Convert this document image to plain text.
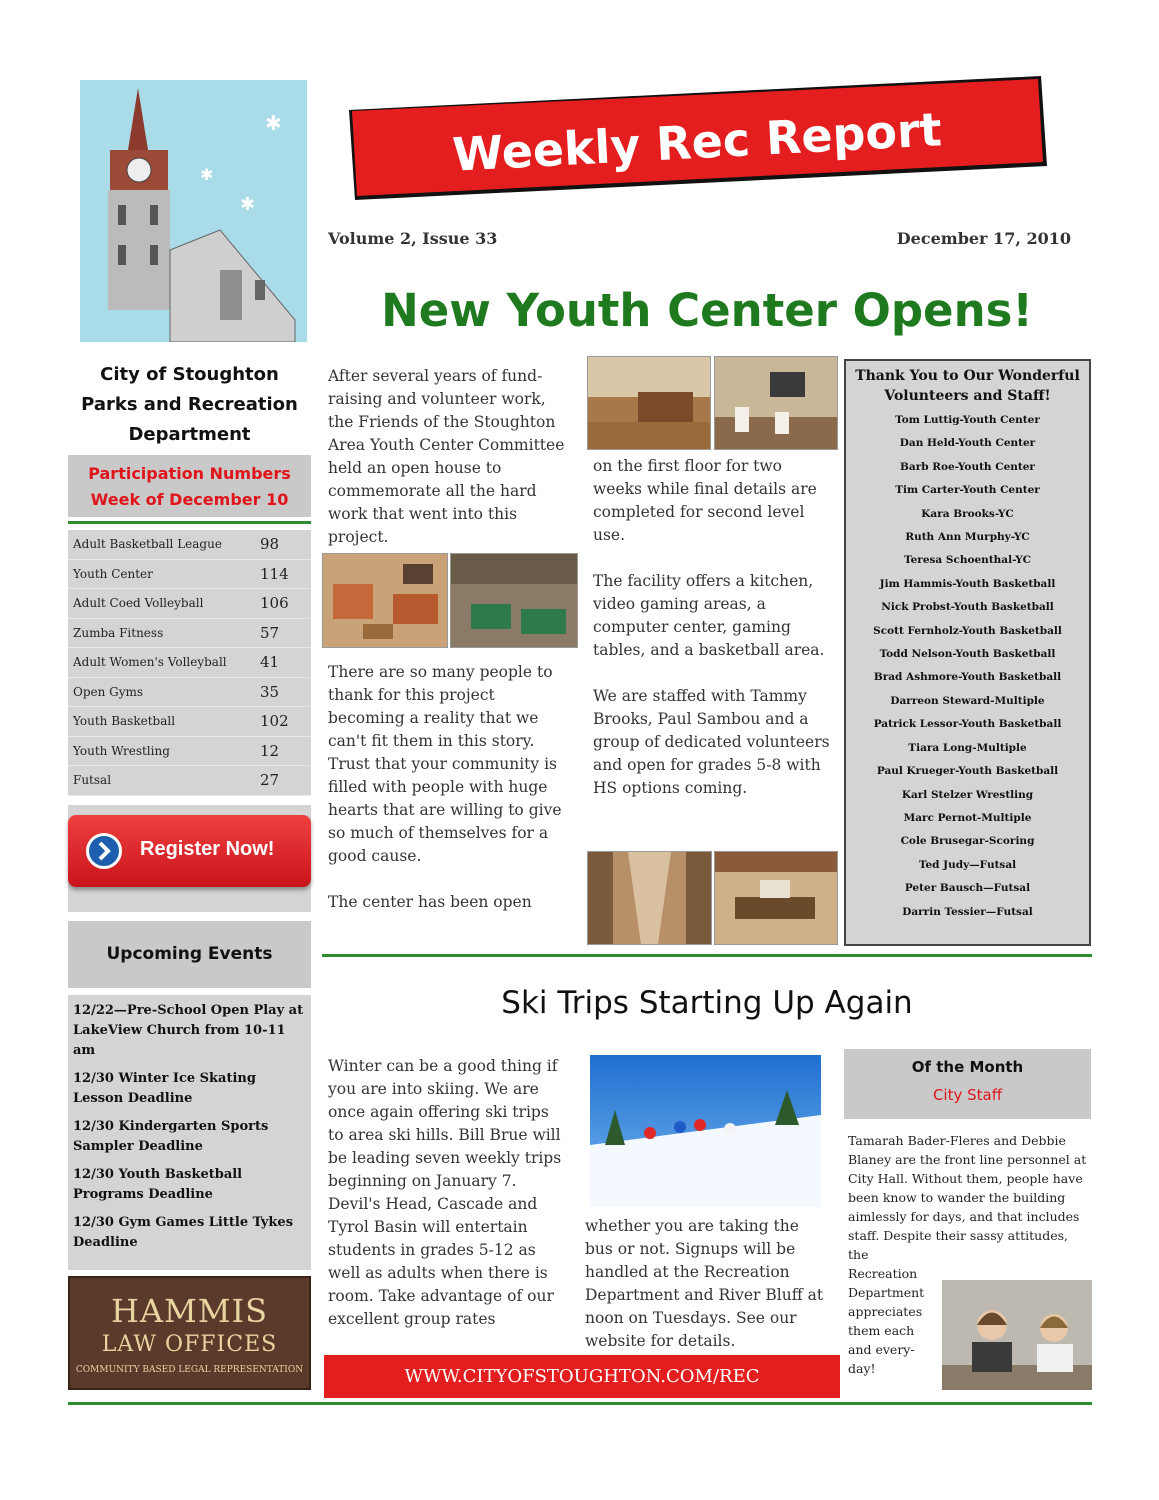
✱
✱
✱
Weekly Rec Report
Volume 2, Issue 33	December 17, 2010
New Youth Center Opens!
City of Stoughton
Parks and Recreation
Department
Participation Numbers
Week of December 10
Adult Basketball League	98
Youth Center	114
Adult Coed Volleyball	106
Zumba Fitness	57
Adult Women's Volleyball	41
Open Gyms	35
Youth Basketball	102
Youth Wrestling	12
Futsal	27
Register Now!
Upcoming Events
12/22—Pre-School Open Play at LakeView Church from 10-11 am
12/30 Winter Ice Skating Lesson Deadline
12/30 Kindergarten Sports Sampler Deadline
12/30 Youth Basketball Programs Deadline
12/30 Gym Games Little Tykes Deadline
HAMMIS
LAW OFFICES
COMMUNITY BASED LEGAL REPRESENTATION

After several years of fund-raising and volunteer work, the Friends of the Stoughton Area Youth Center Committee held an open house to commemorate all the hard work that went into this project.

There are so many people to thank for this project becoming a reality that we can't fit them in this story. Trust that your community is filled with people with huge hearts that are willing to give so much of themselves for a good cause.

The center has been open

on the first floor for two weeks while final details are completed for second level use.

The facility offers a kitchen, video gaming areas, a computer center, gaming tables, and a basketball area.

We are staffed with Tammy Brooks, Paul Sambou and a group of dedicated volunteers and open for grades 5-8 with HS options coming.

Thank You to Our Wonderful Volunteers and Staff!
Tom Luttig-Youth Center
Dan Held-Youth Center
Barb Roe-Youth Center
Tim Carter-Youth Center
Kara Brooks-YC
Ruth Ann Murphy-YC
Teresa Schoenthal-YC
Jim Hammis-Youth Basketball
Nick Probst-Youth Basketball
Scott Fernholz-Youth Basketball
Todd Nelson-Youth Basketball
Brad Ashmore-Youth Basketball
Darreon Steward-Multiple
Patrick Lessor-Youth Basketball
Tiara Long-Multiple
Paul Krueger-Youth Basketball
Karl Stelzer Wrestling
Marc Pernot-Multiple
Cole Brusegar-Scoring
Ted Judy—Futsal
Peter Bausch—Futsal
Darrin Tessier—Futsal
Ski Trips Starting Up Again

Winter can be a good thing if you are into skiing. We are once again offering ski trips to area ski hills. Bill Brue will be leading seven weekly trips beginning on January 7. Devil's Head, Cascade and Tyrol Basin will entertain students in grades 5-12 as well as adults when there is room. Take advantage of our excellent group rates

whether you are taking the bus or not. Signups will be handled at the Recreation Department and River Bluff at noon on Tuesdays. See our website for details.

Of the Month
City Staff
Tamarah Bader-Fleres and Debbie Blaney are the front line personnel at City Hall. Without them, people have been know to wander the building aimlessly for days, and that includes staff. Despite their sassy attitudes, the
Recreation Department appreciates them each and every-day!
WWW.CITYOFSTOUGHTON.COM/REC
